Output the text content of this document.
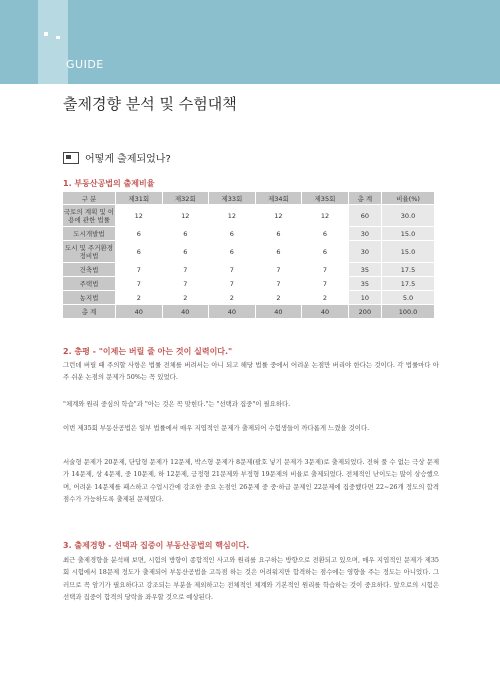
GUIDE
출제경향 분석 및 수험대책
어떻게 출제되었나?
1. 부동산공법의 출제비율
구 분	제31회	제32회	제33회	제34회	제35회	총 계	비율(%)
국토의 계획 및 이용에 관한 법률	12	12	12	12	12	60	30.0
도시개발법	6	6	6	6	6	30	15.0
도시 및 주거환경정비법	6	6	6	6	6	30	15.0
건축법	7	7	7	7	7	35	17.5
주택법	7	7	7	7	7	35	17.5
농지법	2	2	2	2	2	10	5.0
총 계	40	40	40	40	40	200	100.0
2. 총평 - "이제는 버릴 줄 아는 것이 실력이다."

그런데 버릴 때 주의할 사항은 법률 전체를 버려서는 아니 되고 해당 법률 중에서 어려운 논점만 버리야 한다는 것이다. 각 법률마다 아주 쉬운 논점의 문제가 50%는 꼭 있었다.

"체계와 원리 중심의 학습"과 "아는 것은 꼭 맞힌다."는 "선택과 집중"이 필요하다.

이번 제35회 부동산공법은 일부 법률에서 매우 지엽적인 문제가 출제되어 수험생들이 까다롭게 느꼈을 것이다.

서술형 문제가 20문제, 단답형 문제가 12문제, 박스형 문제가 8문제(괄호 넣기 문제가 3문제)로 출제되었다. 전혀 풀 수 없는 극상 문제가 14문제, 상 4문제, 중 10문제, 하 12문제, 긍정형 21문제와 부정형 19문제의 비율로 출제되었다. 전체적인 난이도는 많이 상승했으며, 어려운 14문제를 패스하고 수업시간에 강조한 중요 논점인 26문제 중 중·하급 문제인 22문제에 집중했다면 22~26개 정도의 합격점수가 가능하도록 출제된 문제였다.

3. 출제경향 - 선택과 집중이 부동산공법의 핵심이다.

최근 출제경향을 분석해 보면, 시험의 방향이 종합적인 사고와 원리를 요구하는 방향으로 전환되고 있으며, 매우 지엽적인 문제가 제35회 시험에서 18문제 정도가 출제되어 부동산공법을 고득점 하는 것은 어려워지만 합격하는 점수에는 영향을 주는 정도는 아니었다. 그러므로 꼭 암기가 필요하다고 강조되는 부분을 제외하고는 전체적인 체계와 기본적인 원리를 학습하는 것이 중요하다. 앞으로의 시험은 선택과 집중이 합격의 당락을 좌우할 것으로 예상된다.
